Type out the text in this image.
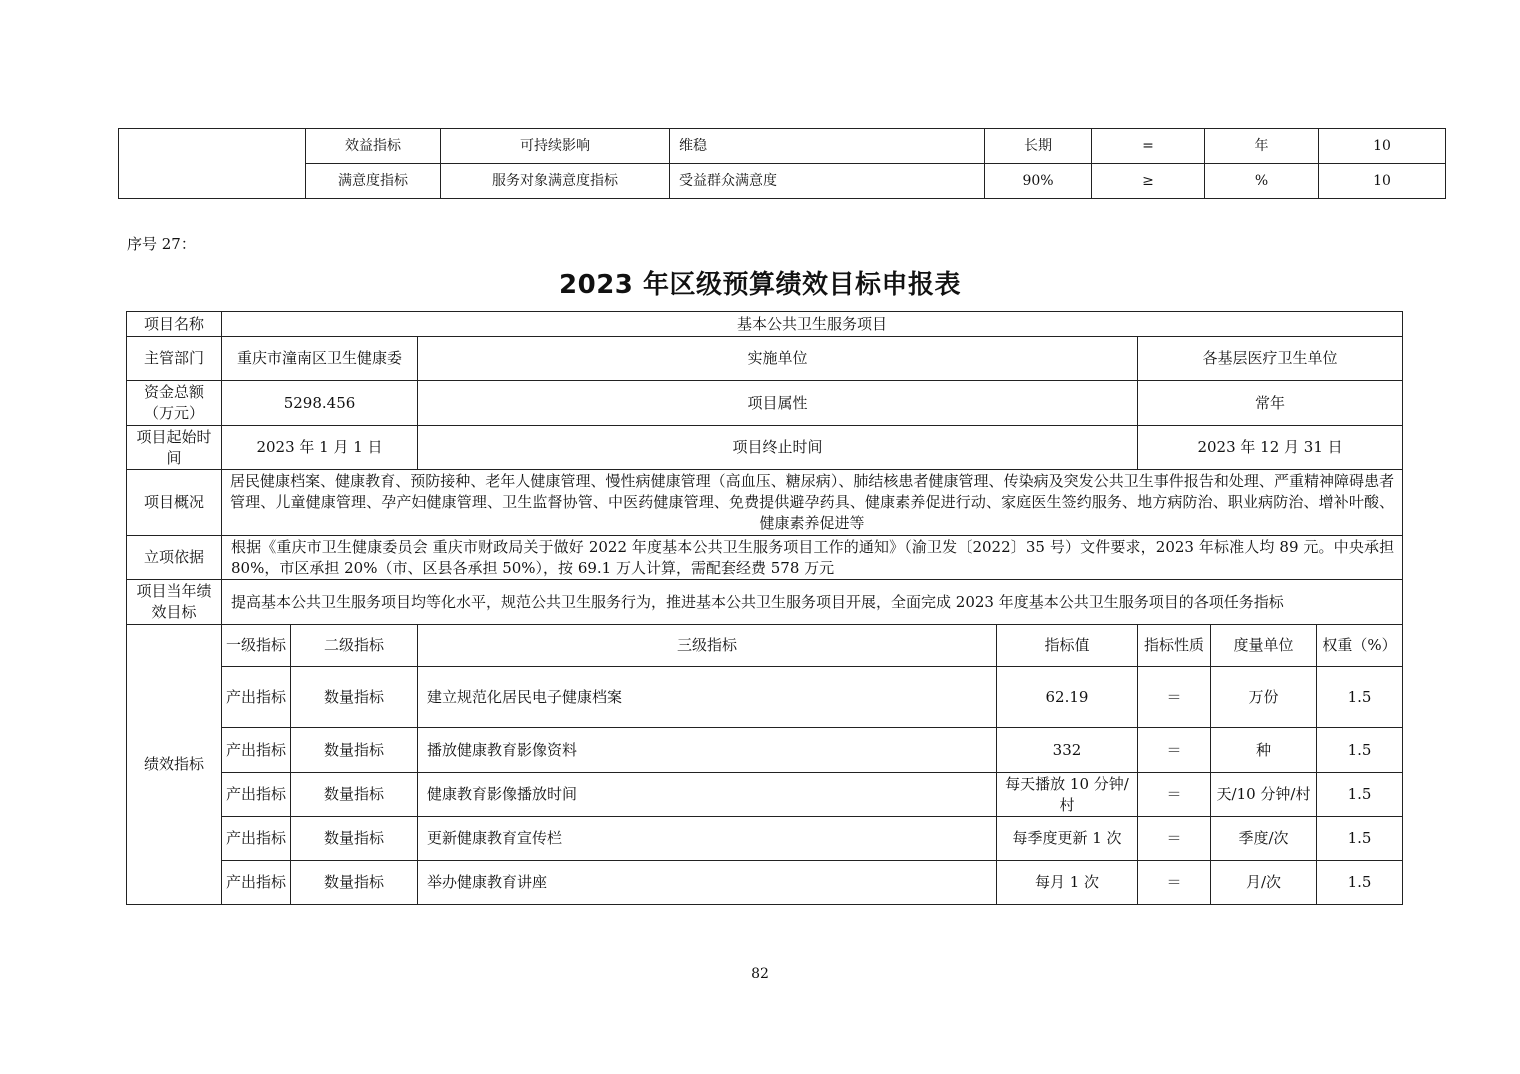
	效益指标	可持续影响	维稳	长期	=	年	10
	满意度指标	服务对象满意度指标	受益群众满意度	90%	≥	%	10
序号 27：
2023 年区级预算绩效目标申报表
项目名称	基本公共卫生服务项目						
主管部门	重庆市潼南区卫生健康委		实施单位		各基层医疗卫生单位		
资金总额（万元）	5298.456		项目属性		常年		
项目起始时间	2023 年 1 月 1 日		项目终止时间		2023 年 12 月 31 日		
项目概况	居民健康档案、健康教育、预防接种、老年人健康管理、慢性病健康管理（高血压、糖尿病）、肺结核患者健康管理、传染病及突发公共卫生事件报告和处理、严重精神障碍患者管理、儿童健康管理、孕产妇健康管理、卫生监督协管、中医药健康管理、免费提供避孕药具、健康素养促进行动、家庭医生签约服务、地方病防治、职业病防治、增补叶酸、健康素养促进等						
立项依据	根据《重庆市卫生健康委员会 重庆市财政局关于做好 2022 年度基本公共卫生服务项目工作的通知》（渝卫发〔2022〕35 号）文件要求，2023 年标准人均 89 元。中央承担 80%，市区承担 20%（市、区县各承担 50%），按 69.1 万人计算，需配套经费 578 万元						
项目当年绩效目标	提高基本公共卫生服务项目均等化水平，规范公共卫生服务行为，推进基本公共卫生服务项目开展，全面完成 2023 年度基本公共卫生服务项目的各项任务指标						
绩效指标	一级指标	二级指标	三级指标	指标值	指标性质	度量单位	权重（%）
	产出指标	数量指标	建立规范化居民电子健康档案	62.19	＝	万份	1.5
	产出指标	数量指标	播放健康教育影像资料	332	＝	种	1.5
	产出指标	数量指标	健康教育影像播放时间	每天播放 10 分钟/村	＝	天/10 分钟/村	1.5
	产出指标	数量指标	更新健康教育宣传栏	每季度更新 1 次	＝	季度/次	1.5
	产出指标	数量指标	举办健康教育讲座	每月 1 次	＝	月/次	1.5
82
